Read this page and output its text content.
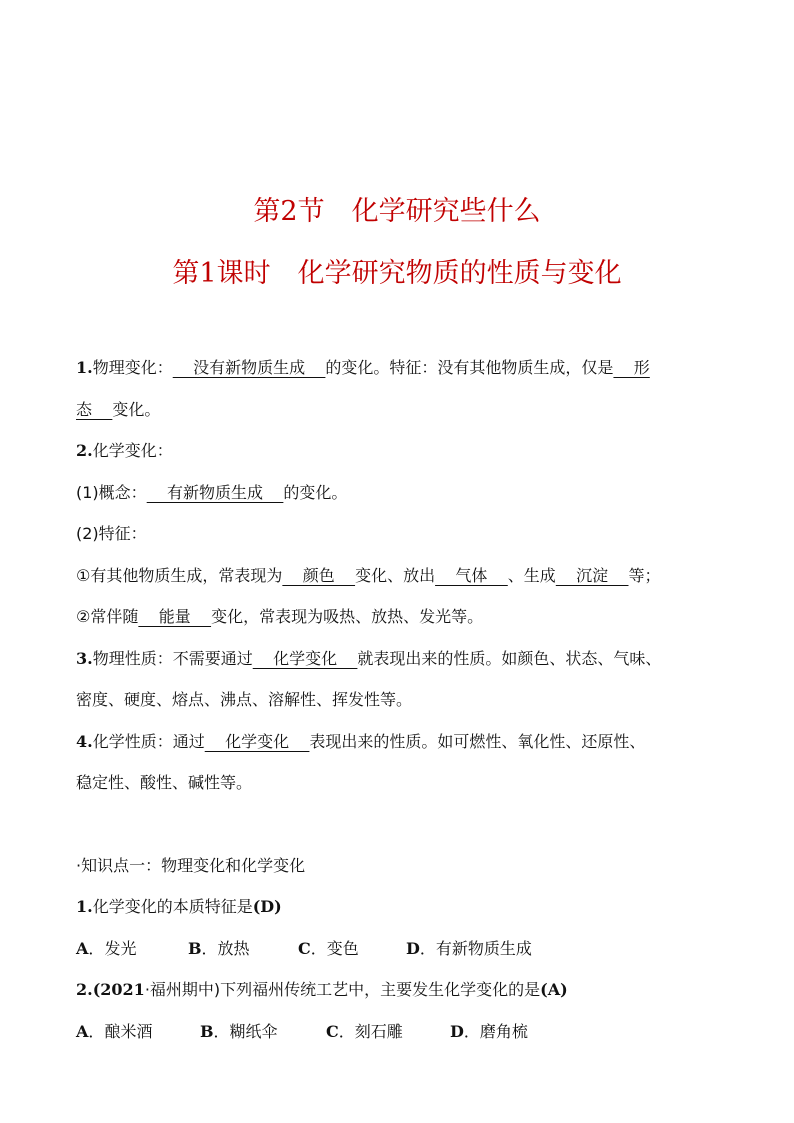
第2节　化学研究些什么
第1课时　化学研究物质的性质与变化
1.物理变化：    没有新物质生成    的变化。特征：没有其他物质生成，仅是    形
态    变化。
2.化学变化：
(1)概念：    有新物质生成    的变化。
(2)特征：
①有其他物质生成，常表现为    颜色    变化、放出    气体    、生成    沉淀    等；
②常伴随    能量    变化，常表现为吸热、放热、发光等。
3.物理性质：不需要通过    化学变化    就表现出来的性质。如颜色、状态、气味、
密度、硬度、熔点、沸点、溶解性、挥发性等。
4.化学性质：通过    化学变化    表现出来的性质。如可燃性、氧化性、还原性、
稳定性、酸性、碱性等。
·知识点一：物理变化和化学变化
1.化学变化的本质特征是(D)
A．发光	B．放热	C．变色	D．有新物质生成
2.(2021·福州期中)下列福州传统工艺中，主要发生化学变化的是(A)
A．酿米酒	B．糊纸伞	C．刻石雕	D．磨角梳
